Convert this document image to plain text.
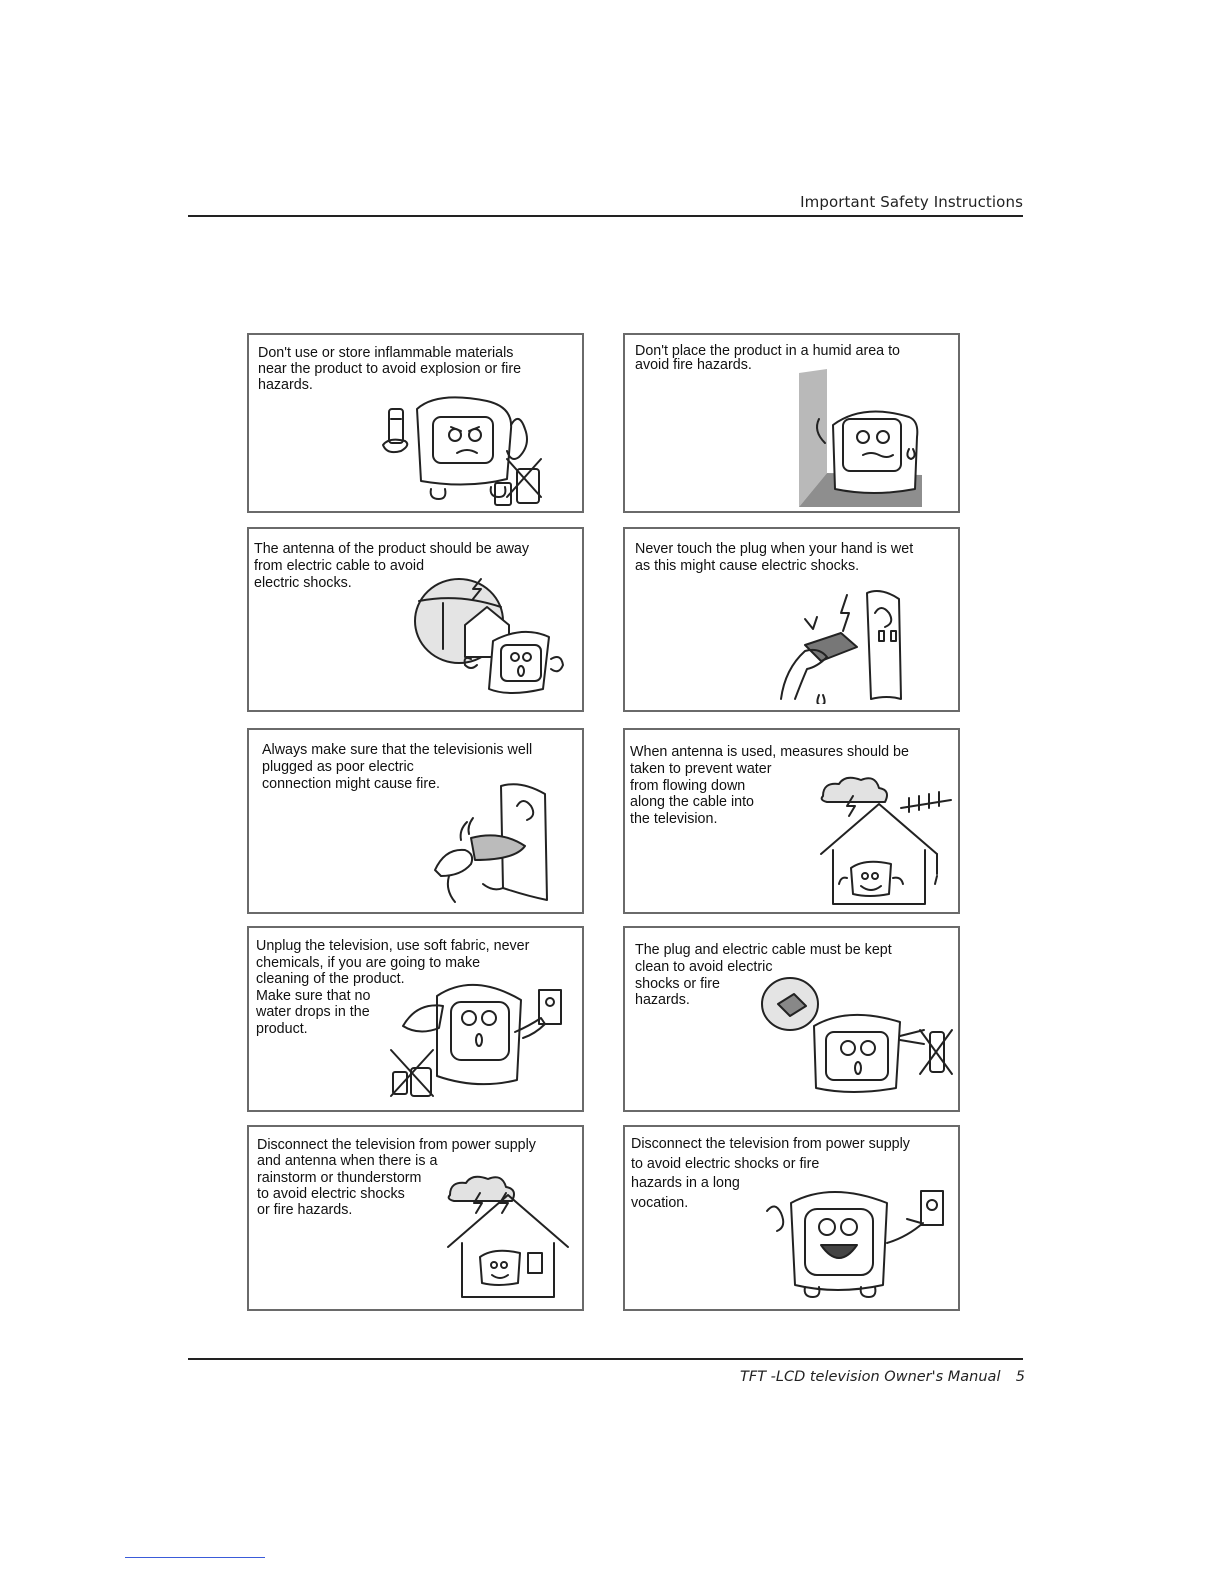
Important Safety Instructions
Don't use or store inflammable materials
near the product to avoid explosion or fire
hazards.
Don't place the product in a humid area to
avoid fire hazards.
The antenna of the product should be away
from electric cable to avoid
electric shocks.
Never touch the plug when your hand is wet
as this might cause electric shocks.
Always make sure that the televisionis well
plugged as poor electric
connection might cause fire.
When antenna is used, measures should be
taken to prevent water
from flowing down
along the cable into
the television.
Unplug the television, use soft fabric, never
chemicals, if you are going to make
cleaning of the product.
Make sure that no
water drops in the
product.
The plug and electric cable must be kept
clean to avoid electric
shocks or fire
hazards.
Disconnect the television from power supply
and antenna when there is a
rainstorm or thunderstorm
to avoid electric shocks
or fire hazards.
Disconnect the television from power supply
to avoid electric shocks or fire
hazards in a long
vocation.
TFT -LCD television Owner's Manual 5
